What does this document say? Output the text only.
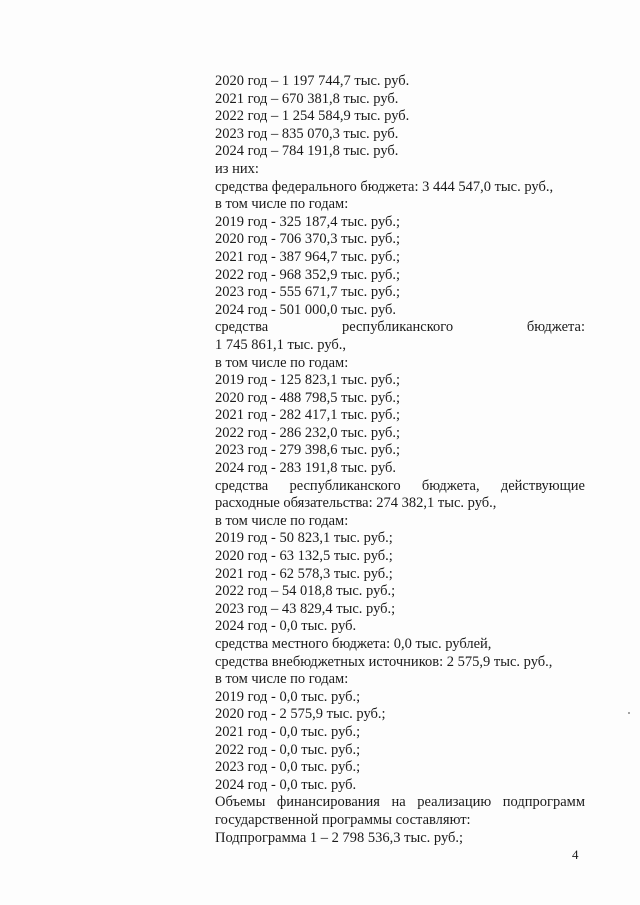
2020 год – 1 197 744,7 тыс. руб.
2021 год – 670 381,8 тыс. руб.
2022 год – 1 254 584,9 тыс. руб.
2023 год – 835 070,3 тыс. руб.
2024 год – 784 191,8 тыс. руб.
из них:
средства федерального бюджета: 3 444 547,0 тыс. руб.,
в том числе по годам:
2019 год - 325 187,4 тыс. руб.;
2020 год - 706 370,3 тыс. руб.;
2021 год - 387 964,7 тыс. руб.;
2022 год - 968 352,9 тыс. руб.;
2023 год - 555 671,7 тыс. руб.;
2024 год - 501 000,0 тыс. руб.
средства республиканского бюджета:
1 745 861,1 тыс. руб.,
в том числе по годам:
2019 год - 125 823,1 тыс. руб.;
2020 год - 488 798,5 тыс. руб.;
2021 год - 282 417,1 тыс. руб.;
2022 год - 286 232,0 тыс. руб.;
2023 год - 279 398,6 тыс. руб.;
2024 год - 283 191,8 тыс. руб.
средства республиканского бюджета, действующие
расходные обязательства: 274 382,1 тыс. руб.,
в том числе по годам:
2019 год - 50 823,1 тыс. руб.;
2020 год - 63 132,5 тыс. руб.;
2021 год - 62 578,3 тыс. руб.;
2022 год – 54 018,8 тыс. руб.;
2023 год – 43 829,4 тыс. руб.;
2024 год - 0,0 тыс. руб.
средства местного бюджета: 0,0 тыс. рублей,
средства внебюджетных источников: 2 575,9 тыс. руб.,
в том числе по годам:
2019 год - 0,0 тыс. руб.;
2020 год - 2 575,9 тыс. руб.;
2021 год - 0,0 тыс. руб.;
2022 год - 0,0 тыс. руб.;
2023 год - 0,0 тыс. руб.;
2024 год - 0,0 тыс. руб.
Объемы финансирования на реализацию подпрограмм
государственной программы составляют:
Подпрограмма 1 – 2 798 536,3 тыс. руб.;
4
